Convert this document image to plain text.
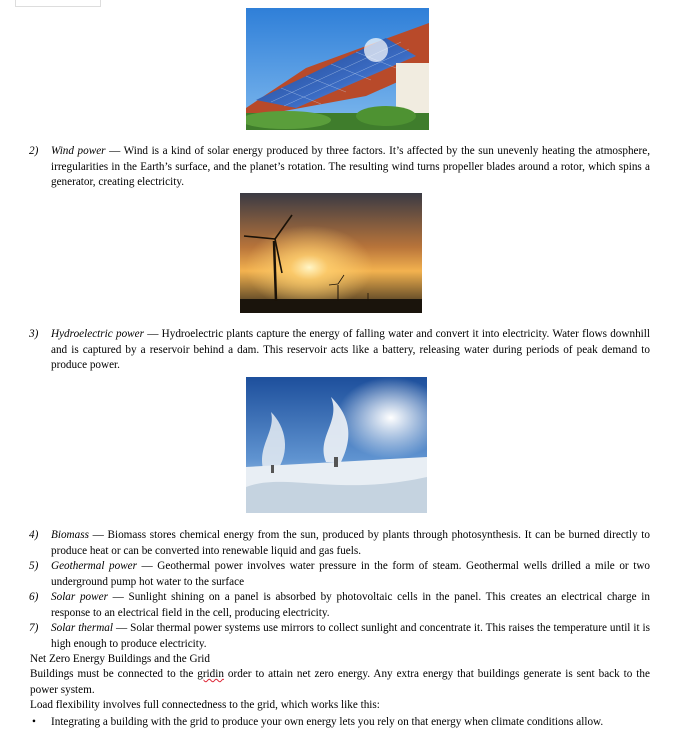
2) Wind power — Wind is a kind of solar energy produced by three factors. It’s affected by the sun unevenly heating the atmosphere, irregularities in the Earth’s surface, and the planet’s rotation. The resulting wind turns propeller blades around a rotor, which spins a generator, creating electricity.
3) Hydroelectric power — Hydroelectric plants capture the energy of falling water and convert it into electricity. Water flows downhill and is captured by a reservoir behind a dam. This reservoir acts like a battery, releasing water during periods of peak demand to produce power.
4) Biomass — Biomass stores chemical energy from the sun, produced by plants through photosynthesis. It can be burned directly to produce heat or can be converted into renewable liquid and gas fuels.
5) Geothermal power — Geothermal power involves water pressure in the form of steam. Geothermal wells drilled a mile or two underground pump hot water to the surface
6) Solar power — Sunlight shining on a panel is absorbed by photovoltaic cells in the panel. This creates an electrical charge in response to an electrical field in the cell, producing electricity.
7) Solar thermal — Solar thermal power systems use mirrors to collect sunlight and concentrate it. This raises the temperature until it is high enough to produce electricity.
Net Zero Energy Buildings and the Grid
Buildings must be connected to the gridin order to attain net zero energy. Any extra energy that buildings generate is sent back to the power system.
Load flexibility involves full connectedness to the grid, which works like this:
• Integrating a building with the grid to produce your own energy lets you rely on that energy when climate conditions allow.
